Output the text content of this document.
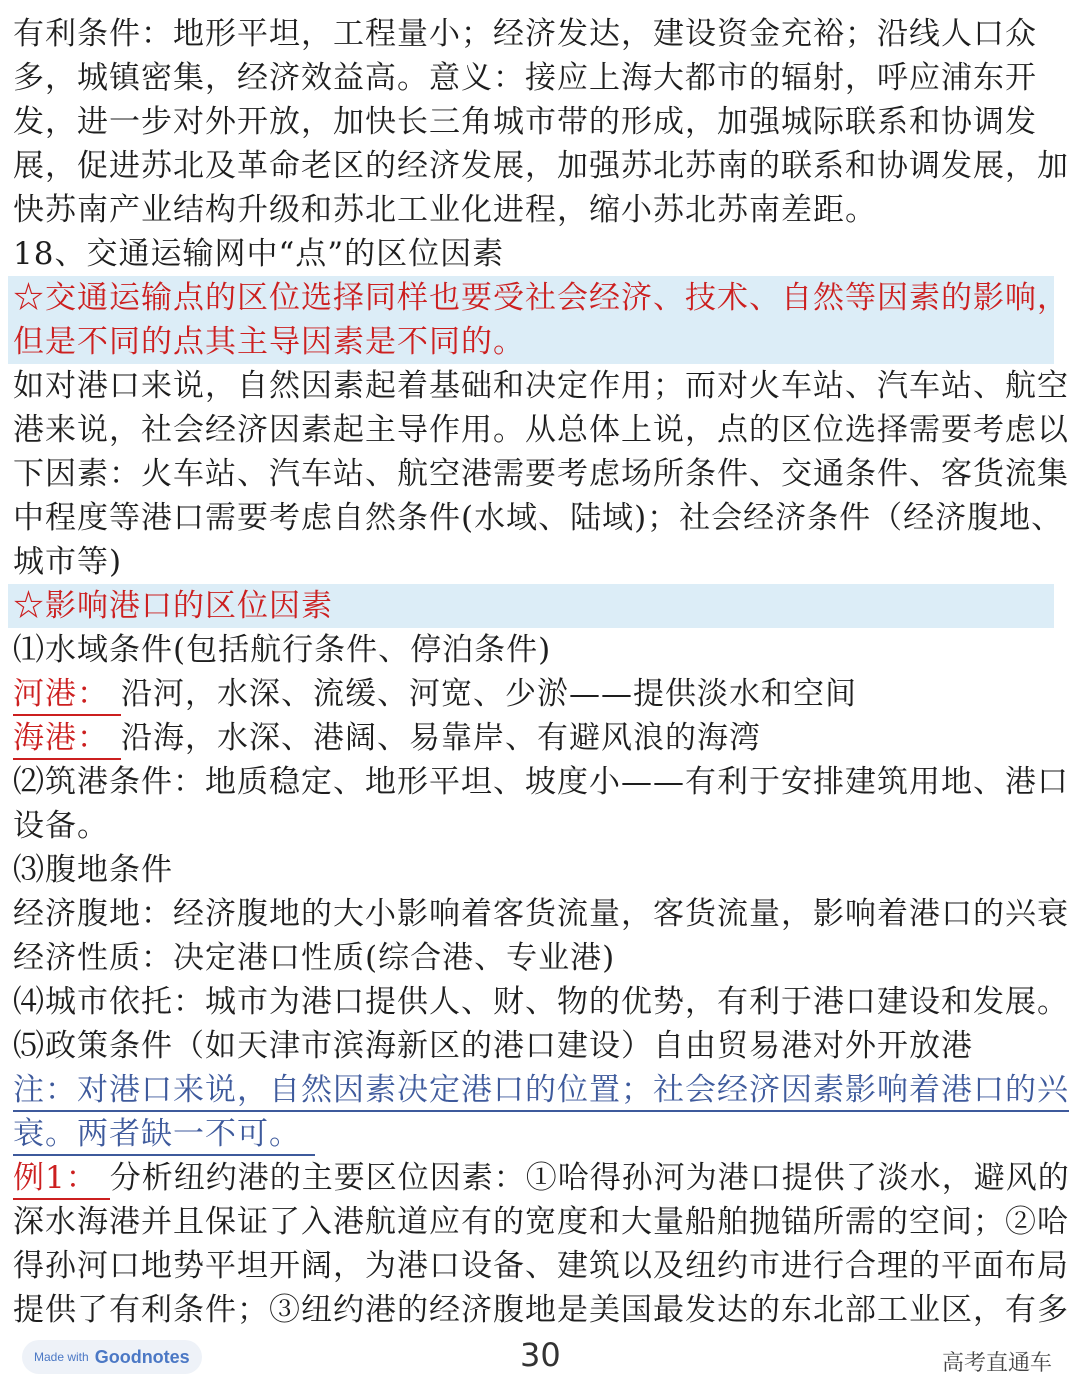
有利条件：地形平坦，工程量小；经济发达，建设资金充裕；沿线人口众
多，城镇密集，经济效益高。意义：接应上海大都市的辐射，呼应浦东开
发，进一步对外开放，加快长三角城市带的形成，加强城际联系和协调发
展，促进苏北及革命老区的经济发展，加强苏北苏南的联系和协调发展，加
快苏南产业结构升级和苏北工业化进程，缩小苏北苏南差距。
18、交通运输网中“点”的区位因素
☆交通运输点的区位选择同样也要受社会经济、技术、自然等因素的影响，
但是不同的点其主导因素是不同的。
如对港口来说，自然因素起着基础和决定作用；而对火车站、汽车站、航空
港来说，社会经济因素起主导作用。从总体上说，点的区位选择需要考虑以
下因素：火车站、汽车站、航空港需要考虑场所条件、交通条件、客货流集
中程度等港口需要考虑自然条件(水域、陆域)；社会经济条件（经济腹地、
城市等)
☆影响港口的区位因素
⑴水域条件(包括航行条件、停泊条件)
河港： 沿河，水深、流缓、河宽、少淤——提供淡水和空间
海港： 沿海，水深、港阔、易靠岸、有避风浪的海湾
⑵筑港条件：地质稳定、地形平坦、坡度小——有利于安排建筑用地、港口
设备。
⑶腹地条件
经济腹地：经济腹地的大小影响着客货流量，客货流量，影响着港口的兴衰
经济性质：决定港口性质(综合港、专业港)
⑷城市依托：城市为港口提供人、财、物的优势，有利于港口建设和发展。
⑸政策条件（如天津市滨海新区的港口建设）自由贸易港对外开放港
注：对港口来说，自然因素决定港口的位置；社会经济因素影响着港口的兴
衰。两者缺一不可。
例1： 分析纽约港的主要区位因素：①哈得孙河为港口提供了淡水，避风的
深水海港并且保证了入港航道应有的宽度和大量船舶抛锚所需的空间；②哈
得孙河口地势平坦开阔，为港口设备、建筑以及纽约市进行合理的平面布局
提供了有利条件；③纽约港的经济腹地是美国最发达的东北部工业区，有多
Made with Goodnotes	30	高考直通车
